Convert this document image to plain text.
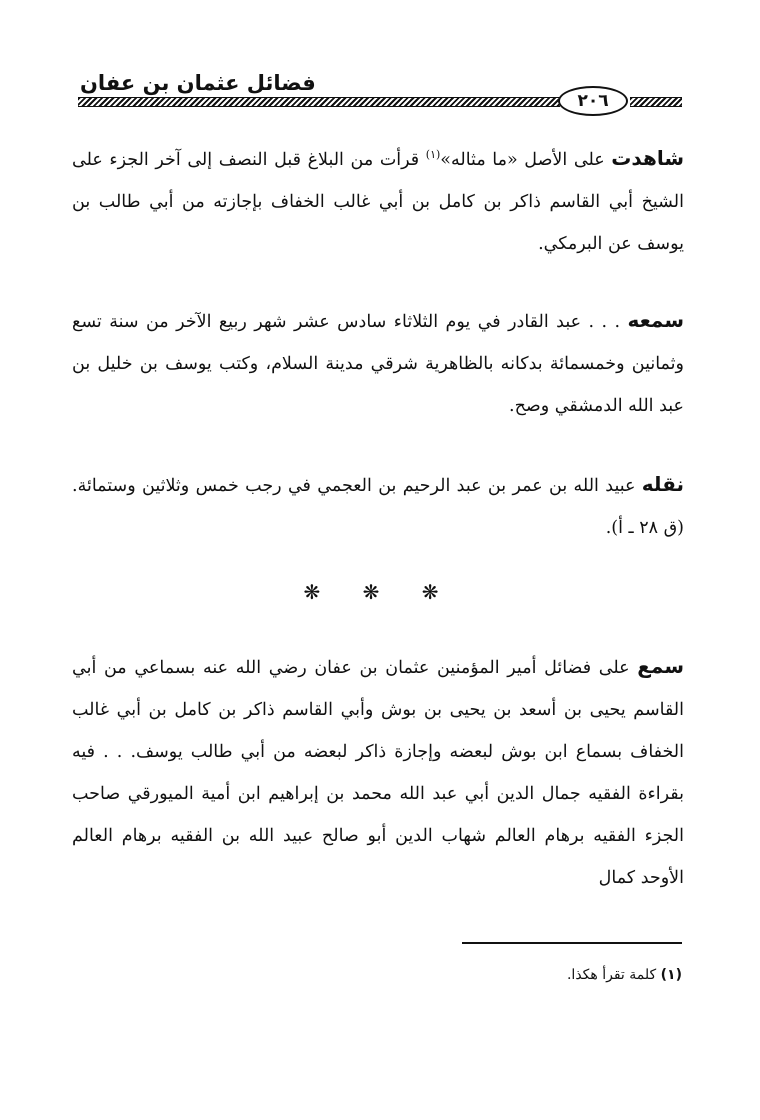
فضائل عثمان بن عفان
٢٠٦
شاهدت على الأصل «ما مثاله»$^{(١)}$ قرأت من البلاغ قبل النصف إلى آخر الجزء على الشيخ أبي القاسم ذاكر بن كامل بن أبي غالب الخفاف بإجازته من أبي طالب بن يوسف عن البرمكي.
سمعه . . . عبد القادر في يوم الثلاثاء سادس عشر شهر ربيع الآخر من سنة تسع وثمانين وخمسمائة بدكانه بالظاهرية شرقي مدينة السلام، وكتب يوسف بن خليل بن عبد الله الدمشقي وصح.
نقله عبيد الله بن عمر بن عبد الرحيم بن العجمي في رجب خمس وثلاثين وستمائة. (ق ٢٨ ـ أ).
❋ ❋ ❋
سمع على فضائل أمير المؤمنين عثمان بن عفان رضي الله عنه بسماعي من أبي القاسم يحيى بن أسعد بن يحيى بن بوش وأبي القاسم ذاكر بن كامل بن أبي غالب الخفاف بسماع ابن بوش لبعضه وإجازة ذاكر لبعضه من أبي طالب يوسف. . . فيه بقراءة الفقيه جمال الدين أبي عبد الله محمد بن إبراهيم ابن أمية الميورقي صاحب الجزء الفقيه برهام العالم شهاب الدين أبو صالح عبيد الله بن الفقيه برهام العالم الأوحد كمال
(١) كلمة تقرأ هكذا.
